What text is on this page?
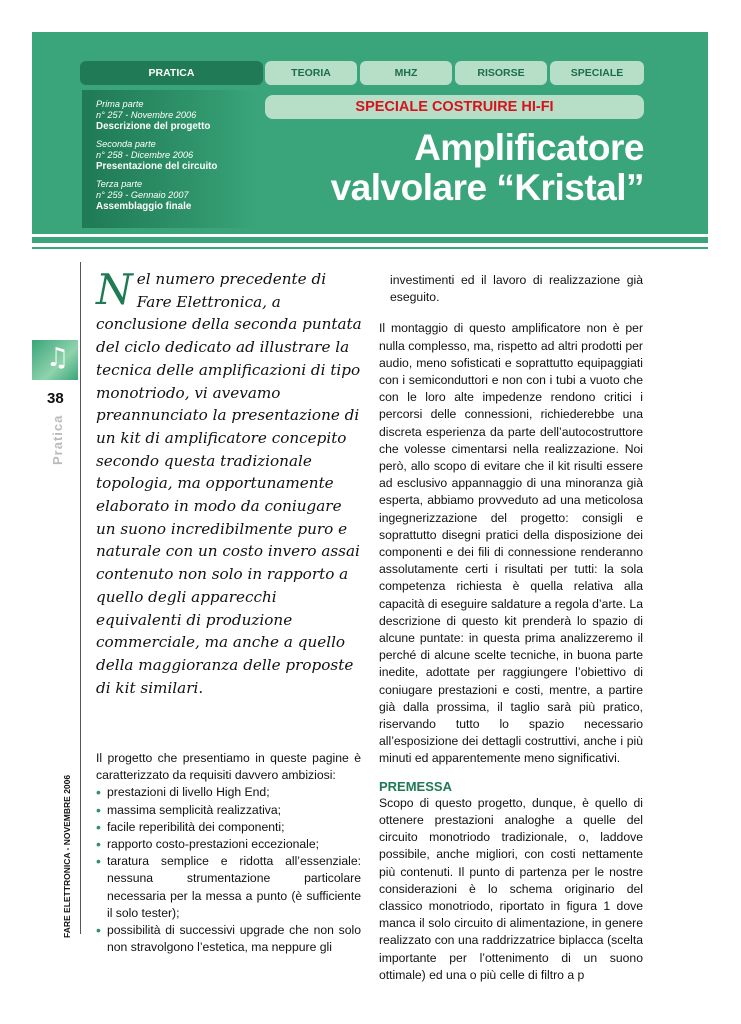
PRATICA	TEORIA	MHZ	RISORSE	SPECIALE
Prima parte
n° 257 - Novembre 2006
Descrizione del progetto
Seconda parte
n° 258 - Dicembre 2006
Presentazione del circuito
Terza parte
n° 259 - Gennaio 2007
Assemblaggio finale
SPECIALE COSTRUIRE HI-FI
Amplificatore
valvolare “Kristal”
♫
38
Pratica
FARE ELETTRONICA - NOVEMBRE 2006
Nel numero precedente di Fare Elettronica, a conclusione della seconda puntata del ciclo dedicato ad illustrare la tecnica delle amplificazioni di tipo monotriodo, vi avevamo preannunciato la presentazione di un kit di amplificatore concepito secondo questa tradizionale topologia, ma opportunamente elaborato in modo da coniugare un suono incredibilmente puro e naturale con un costo invero assai contenuto non solo in rapporto a quello degli apparecchi equivalenti di produzione commerciale, ma anche a quello della maggioranza delle proposte di kit similari.

Il progetto che presentiamo in queste pagine è caratterizzato da requisiti davvero ambiziosi:

• prestazioni di livello High End;
• massima semplicità realizzativa;
• facile reperibilità dei componenti;
• rapporto costo-prestazioni eccezionale;
• taratura semplice e ridotta all’essenziale: nessuna strumentazione particolare necessaria per la messa a punto (è sufficiente il solo tester);
• possibilità di successivi upgrade che non solo non stravolgono l’estetica, ma neppure gli

investimenti ed il lavoro di realizzazione già eseguito.

Il montaggio di questo amplificatore non è per nulla complesso, ma, rispetto ad altri prodotti per audio, meno sofisticati e soprattutto equipaggiati con i semiconduttori e non con i tubi a vuoto che con le loro alte impedenze rendono critici i percorsi delle connessioni, richiederebbe una discreta esperienza da parte dell’autocostruttore che volesse cimentarsi nella realizzazione. Noi però, allo scopo di evitare che il kit risulti essere ad esclusivo appannaggio di una minoranza già esperta, abbiamo provveduto ad una meticolosa ingegnerizzazione del progetto: consigli e soprattutto disegni pratici della disposizione dei componenti e dei fili di connessione renderanno assolutamente certi i risultati per tutti: la sola competenza richiesta è quella relativa alla capacità di eseguire saldature a regola d’arte. La descrizione di questo kit prenderà lo spazio di alcune puntate: in questa prima analizzeremo il perché di alcune scelte tecniche, in buona parte inedite, adottate per raggiungere l’obiettivo di coniugare prestazioni e costi, mentre, a partire già dalla prossima, il taglio sarà più pratico, riservando tutto lo spazio necessario all’esposizione dei dettagli costruttivi, anche i più minuti ed apparentemente meno significativi.

PREMESSA

Scopo di questo progetto, dunque, è quello di ottenere prestazioni analoghe a quelle del circuito monotriodo tradizionale, o, laddove possibile, anche migliori, con costi nettamente più contenuti. Il punto di partenza per le nostre considerazioni è lo schema originario del classico monotriodo, riportato in figura 1 dove manca il solo circuito di alimentazione, in genere realizzato con una raddrizzatrice biplacca (scelta importante per l’ottenimento di un suono ottimale) ed una o più celle di filtro a p
